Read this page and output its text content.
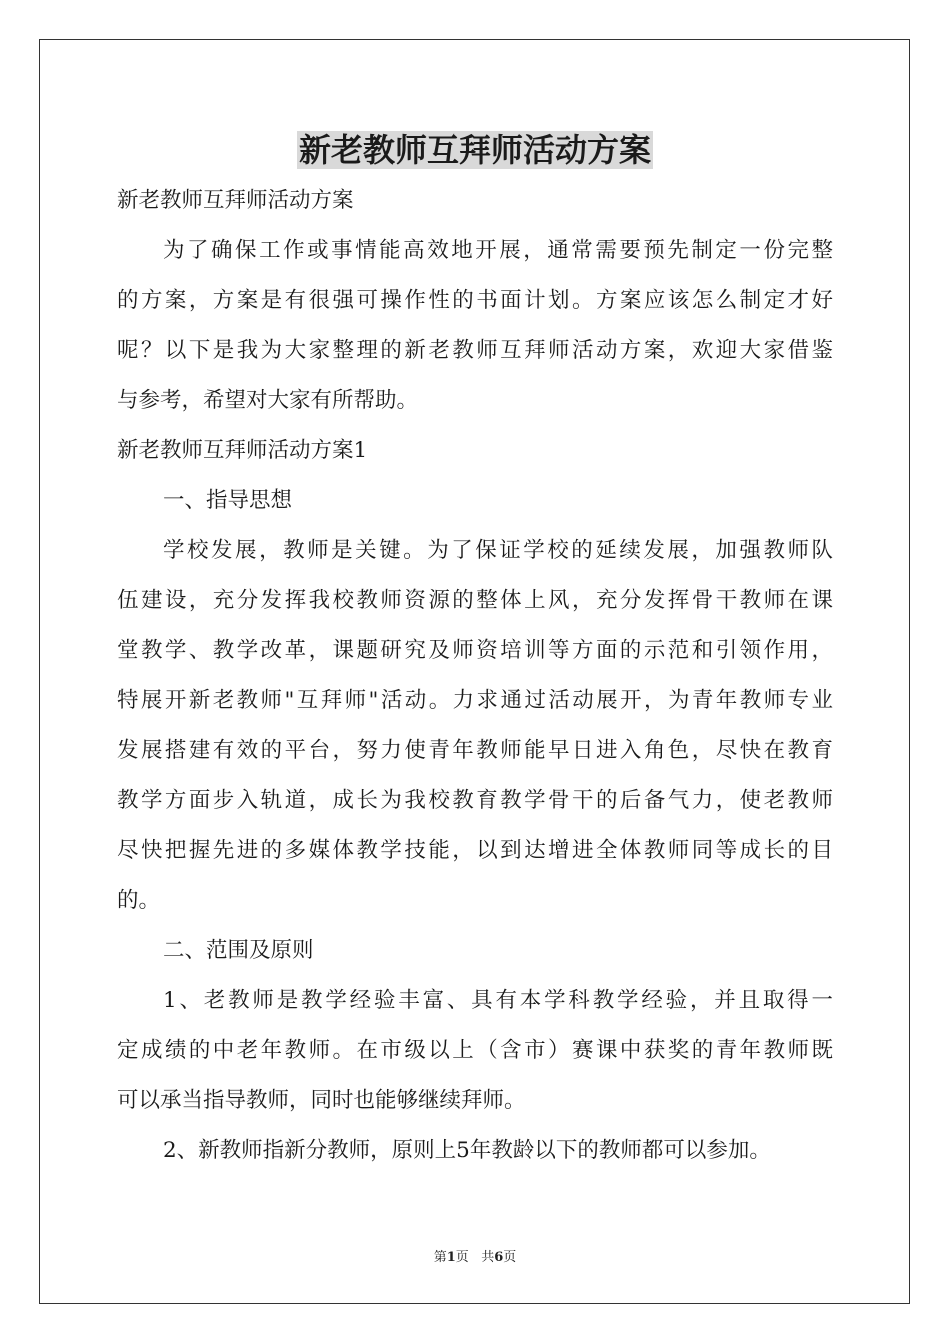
新老教师互拜师活动方案
新老教师互拜师活动方案
为了确保工作或事情能高效地开展，通常需要预先制定一份完整
的方案，方案是有很强可操作性的书面计划。方案应该怎么制定才好
呢？以下是我为大家整理的新老教师互拜师活动方案，欢迎大家借鉴
与参考，希望对大家有所帮助。
新老教师互拜师活动方案1
一、指导思想
学校发展，教师是关键。为了保证学校的延续发展，加强教师队
伍建设，充分发挥我校教师资源的整体上风，充分发挥骨干教师在课
堂教学、教学改革，课题研究及师资培训等方面的示范和引领作用，
特展开新老教师"互拜师"活动。力求通过活动展开，为青年教师专业
发展搭建有效的平台，努力使青年教师能早日进入角色，尽快在教育
教学方面步入轨道，成长为我校教育教学骨干的后备气力，使老教师
尽快把握先进的多媒体教学技能，以到达增进全体教师同等成长的目
的。
二、范围及原则
1、老教师是教学经验丰富、具有本学科教学经验，并且取得一
定成绩的中老年教师。在市级以上（含市）赛课中获奖的青年教师既
可以承当指导教师，同时也能够继续拜师。
2、新教师指新分教师，原则上5年教龄以下的教师都可以参加。
第1页 共6页
